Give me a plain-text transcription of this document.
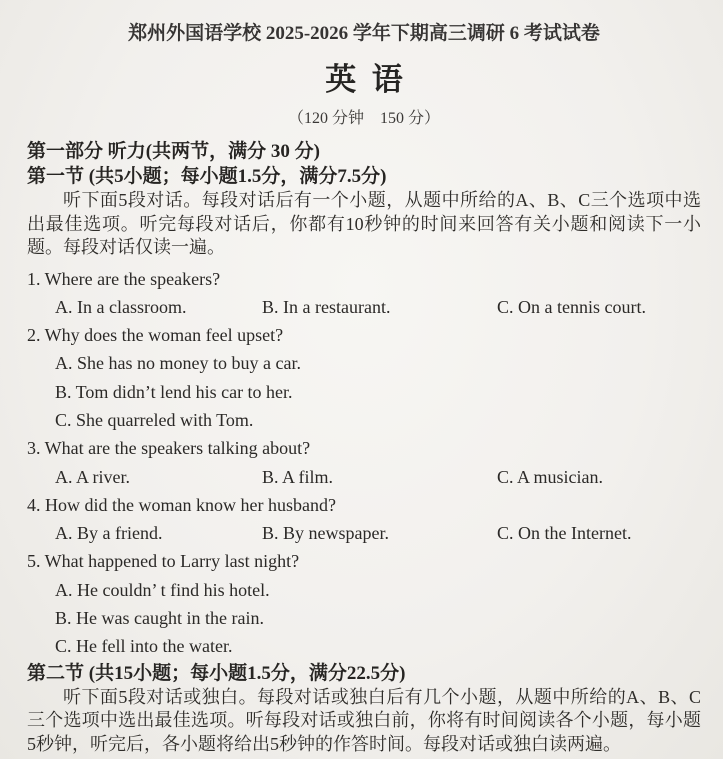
郑州外国语学校 2025-2026 学年下期高三调研 6 考试试卷
英  语
（120 分钟    150 分）
第一部分 听力(共两节，满分 30 分)
第一节 (共5小题；每小题1.5分，满分7.5分)
听下面5段对话。每段对话后有一个小题，从题中所给的A、B、C三个选项中选出最佳选项。听完每段对话后，你都有10秒钟的时间来回答有关小题和阅读下一小题。每段对话仅读一遍。
1. Where are the speakers?
A. In a classroom.	B. In a restaurant.	C. On a tennis court.
2. Why does the woman feel upset?
A. She has no money to buy a car.
B. Tom didn’t lend his car to her.
C. She quarreled with Tom.
3. What are the speakers talking about?
A. A river.	B. A film.	C. A musician.
4. How did the woman know her husband?
A. By a friend.	B. By newspaper.	C. On the Internet.
5. What happened to Larry last night?
A. He couldn’ t find his hotel.
B. He was caught in the rain.
C. He fell into the water.
第二节 (共15小题；每小题1.5分，满分22.5分)
听下面5段对话或独白。每段对话或独白后有几个小题，从题中所给的A、B、C三个选项中选出最佳选项。听每段对话或独白前，你将有时间阅读各个小题，每小题5秒钟，听完后，各小题将给出5秒钟的作答时间。每段对话或独白读两遍。
